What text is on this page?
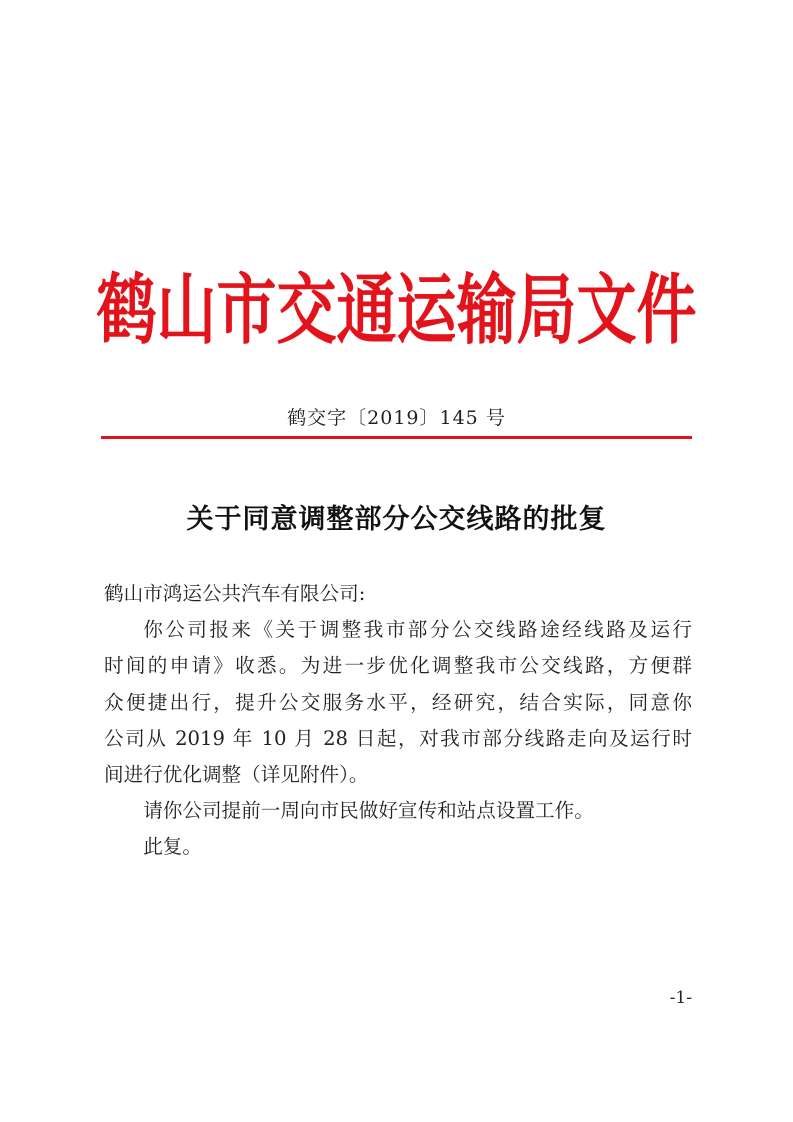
鹤山市交通运输局文件
鹤交字〔2019〕145 号
关于同意调整部分公交线路的批复

鹤山市鸿运公共汽车有限公司:

你公司报来《关于调整我市部分公交线路途经线路及运行
时间的申请》收悉。为进一步优化调整我市公交线路，方便群
众便捷出行，提升公交服务水平，经研究，结合实际，同意你
公司从 2019 年 10 月 28 日起，对我市部分线路走向及运行时
间进行优化调整（详见附件）。

请你公司提前一周向市民做好宣传和站点设置工作。

此复。

-1-
